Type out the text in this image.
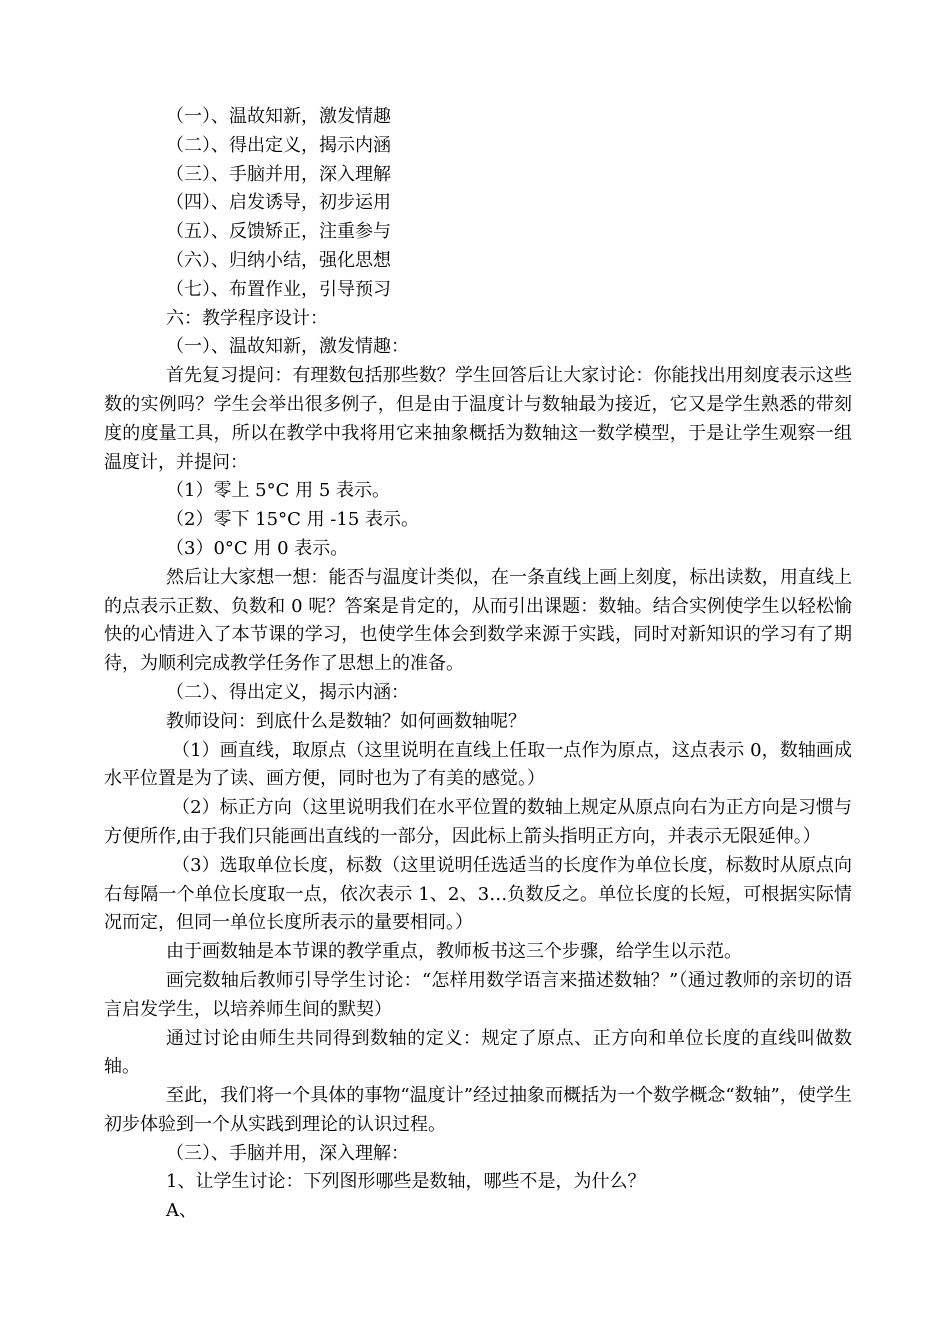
（一）、温故知新，激发情趣

（二）、得出定义，揭示内涵

（三）、手脑并用，深入理解

（四）、启发诱导，初步运用

（五）、反馈矫正，注重参与

（六）、归纳小结，强化思想

（七）、布置作业，引导预习

六：教学程序设计：

（一）、温故知新，激发情趣：

首先复习提问：有理数包括那些数？学生回答后让大家讨论：你能找出用刻度表示这些数的实例吗？学生会举出很多例子，但是由于温度计与数轴最为接近，它又是学生熟悉的带刻度的度量工具，所以在教学中我将用它来抽象概括为数轴这一数学模型，于是让学生观察一组温度计，并提问：

（1）零上 5°C 用 5 表示。

（2）零下 15°C 用 -15 表示。

（3）0°C 用 0 表示。

然后让大家想一想：能否与温度计类似，在一条直线上画上刻度，标出读数，用直线上的点表示正数、负数和 0 呢？答案是肯定的，从而引出课题：数轴。结合实例使学生以轻松愉快的心情进入了本节课的学习，也使学生体会到数学来源于实践，同时对新知识的学习有了期待，为顺利完成教学任务作了思想上的准备。

（二）、得出定义，揭示内涵：

教师设问：到底什么是数轴？如何画数轴呢？

（1）画直线，取原点（这里说明在直线上任取一点作为原点，这点表示 0，数轴画成水平位置是为了读、画方便，同时也为了有美的感觉。）

（2）标正方向（这里说明我们在水平位置的数轴上规定从原点向右为正方向是习惯与方便所作,由于我们只能画出直线的一部分，因此标上箭头指明正方向，并表示无限延伸。）

（3）选取单位长度，标数（这里说明任选适当的长度作为单位长度，标数时从原点向右每隔一个单位长度取一点，依次表示 1、2、3…负数反之。单位长度的长短，可根据实际情况而定，但同一单位长度所表示的量要相同。）

由于画数轴是本节课的教学重点，教师板书这三个步骤，给学生以示范。

画完数轴后教师引导学生讨论：“怎样用数学语言来描述数轴？”（通过教师的亲切的语言启发学生，以培养师生间的默契）

通过讨论由师生共同得到数轴的定义：规定了原点、正方向和单位长度的直线叫做数轴。

至此，我们将一个具体的事物“温度计”经过抽象而概括为一个数学概念“数轴”，使学生初步体验到一个从实践到理论的认识过程。

（三）、手脑并用，深入理解：

1、让学生讨论：下列图形哪些是数轴，哪些不是，为什么？

A、
